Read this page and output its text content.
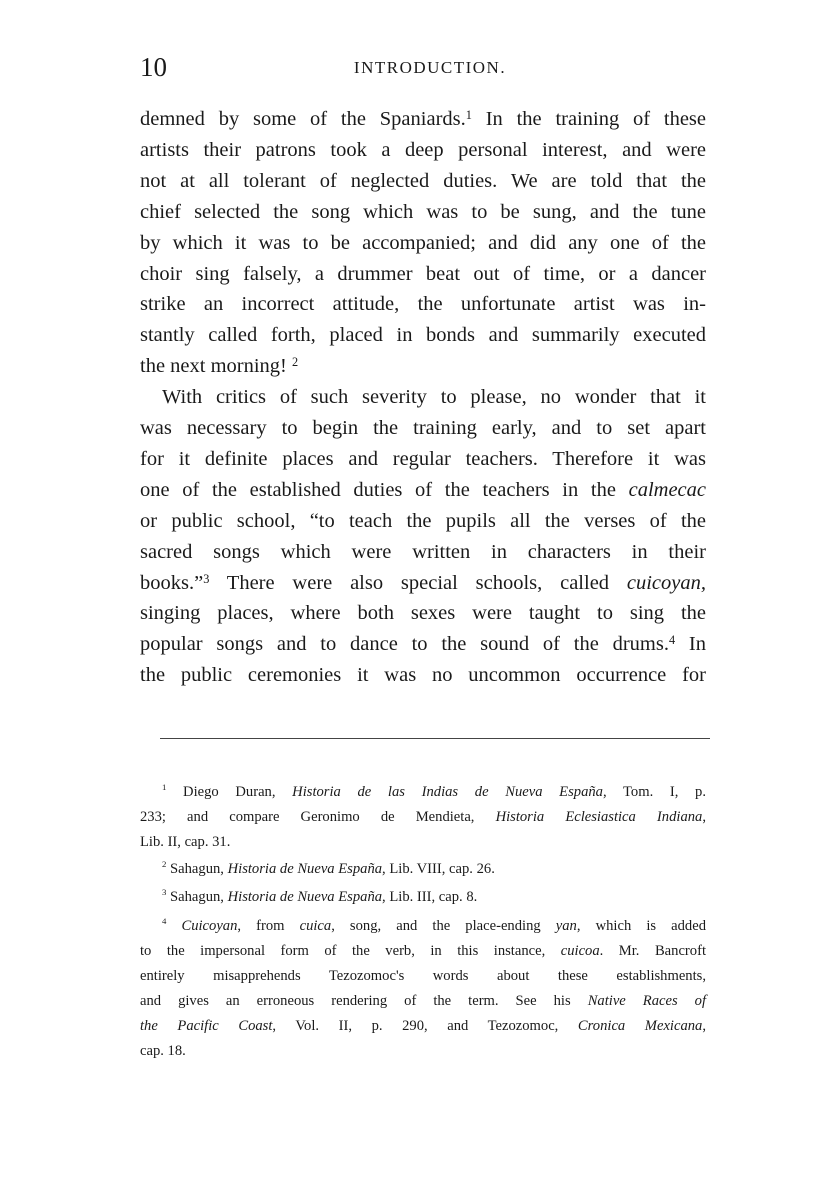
10	INTRODUCTION.
demned by some of the Spaniards.$^1$ In the training of these
artists their patrons took a deep personal interest, and were
not at all tolerant of neglected duties. We are told that the
chief selected the song which was to be sung, and the tune
by which it was to be accompanied; and did any one of the
choir sing falsely, a drummer beat out of time, or a dancer
strike an incorrect attitude, the unfortunate artist was in-
stantly called forth, placed in bonds and summarily executed
the next morning! $^2$
With critics of such severity to please, no wonder that it
was necessary to begin the training early, and to set apart
for it definite places and regular teachers. Therefore it was
one of the established duties of the teachers in the calmecac
or public school, “to teach the pupils all the verses of the
sacred songs which were written in characters in their
books.”$^3$ There were also special schools, called cuicoyan,
singing places, where both sexes were taught to sing the
popular songs and to dance to the sound of the drums.$^4$ In
the public ceremonies it was no uncommon occurrence for
$^1$ Diego Duran, Historia de las Indias de Nueva España, Tom. I, p.
233; and compare Geronimo de Mendieta, Historia Eclesiastica Indiana,
Lib. II, cap. 31.
$^2$ Sahagun, Historia de Nueva España, Lib. VIII, cap. 26.
$^3$ Sahagun, Historia de Nueva España, Lib. III, cap. 8.
$^4$ Cuicoyan, from cuica, song, and the place-ending yan, which is added
to the impersonal form of the verb, in this instance, cuicoa. Mr. Bancroft
entirely misapprehends Tezozomoc's words about these establishments,
and gives an erroneous rendering of the term. See his Native Races of
the Pacific Coast, Vol. II, p. 290, and Tezozomoc, Cronica Mexicana,
cap. 18.
